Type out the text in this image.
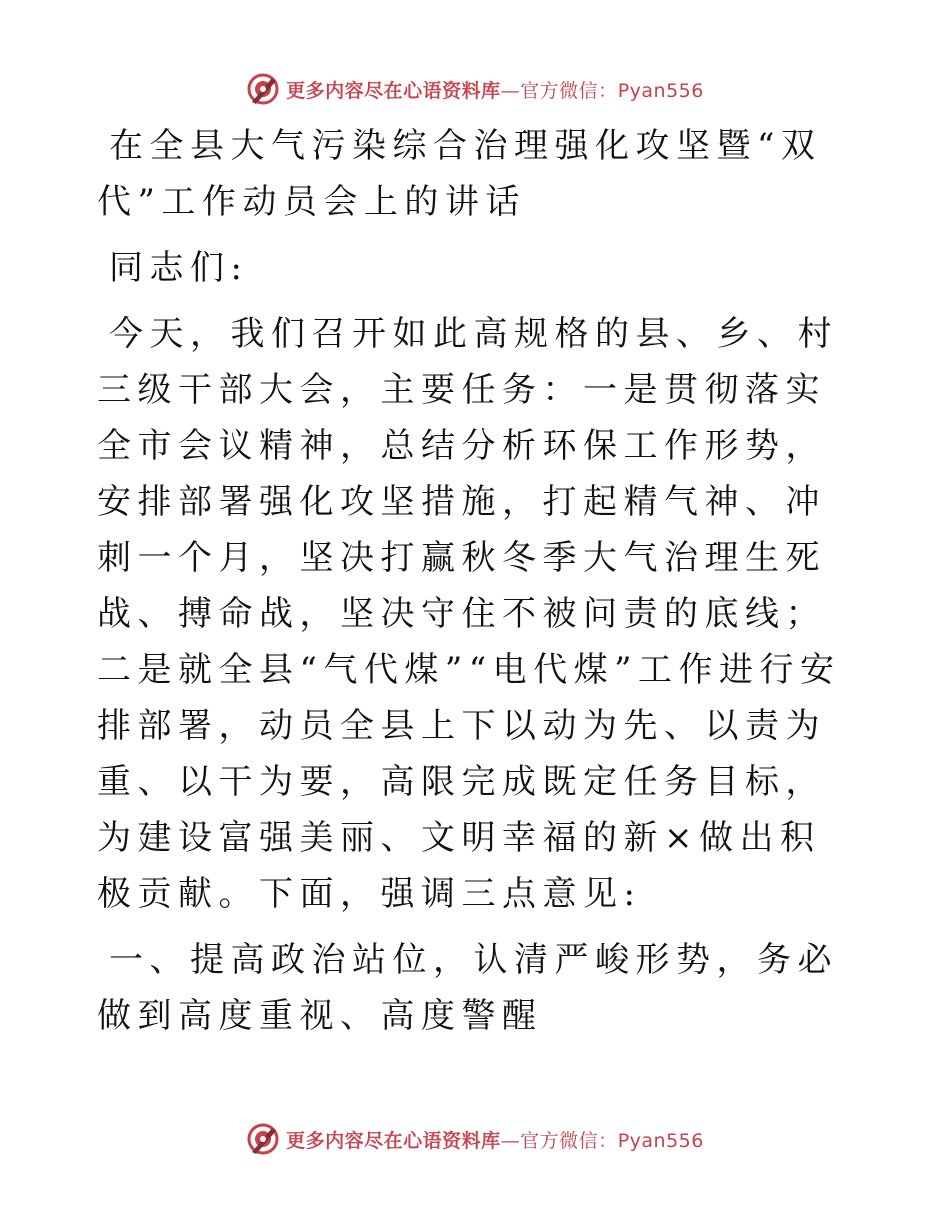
更多内容尽在心语资料库—官方微信：Pyan556

在全县大气污染综合治理强化攻坚暨“双代”工作动员会上的讲话

同志们:

今天，我们召开如此高规格的县、乡、村三级干部大会，主要任务：一是贯彻落实全市会议精神，总结分析环保工作形势，安排部署强化攻坚措施，打起精气神、冲刺一个月，坚决打赢秋冬季大气治理生死战、搏命战，坚决守住不被问责的底线；二是就全县“气代煤”“电代煤”工作进行安排部署，动员全县上下以动为先、以责为重、以干为要，高限完成既定任务目标，为建设富强美丽、文明幸福的新×做出积极贡献。下面，强调三点意见:

一、提高政治站位，认清严峻形势，务必做到高度重视、高度警醒

更多内容尽在心语资料库—官方微信：Pyan556
